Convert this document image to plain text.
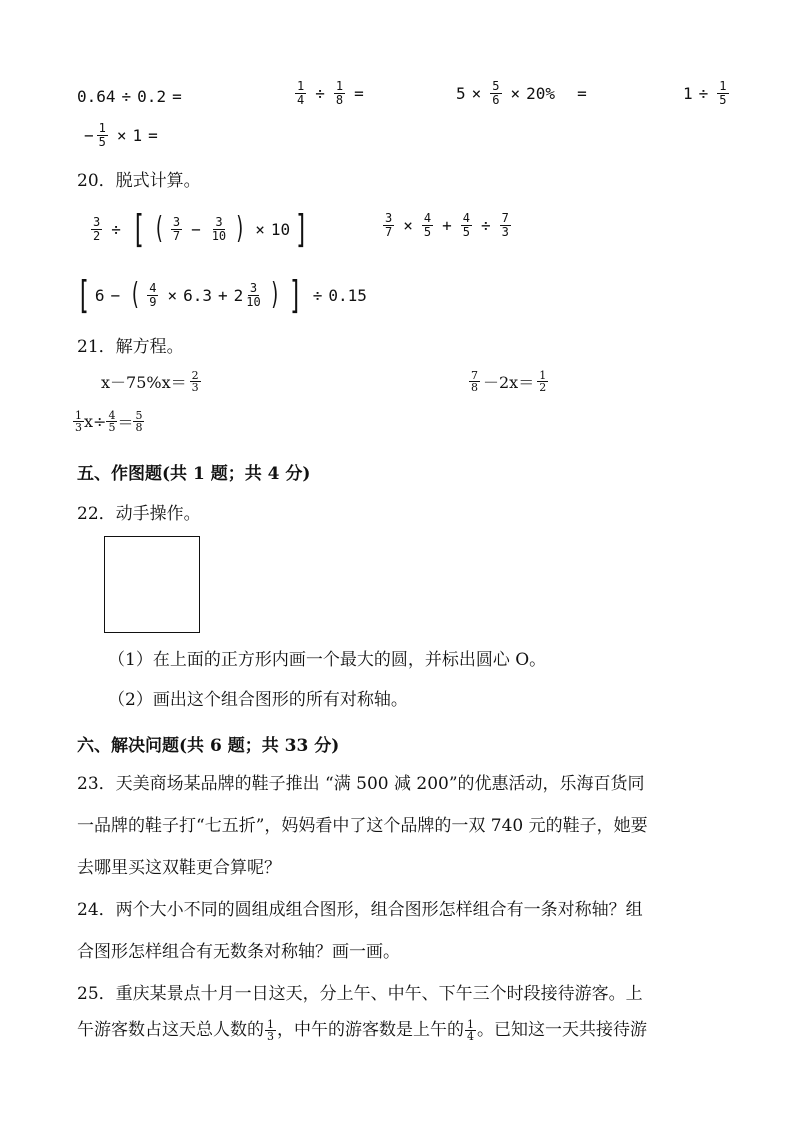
0.64 ÷ 0.2 =	$\frac{1}{4} \div \frac{1}{8}$ =	$5 \times \frac{5}{6} \times 20\%$ =	$1 \div \frac{1}{5}$
− $\frac{1}{5} \times 1$ =
20．脱式计算。
$\frac{3}{2}$ ÷ [ ( $\frac{3}{7} - \frac{3}{10}$ ) × 10 ]	$\frac{3}{7} \times \frac{4}{5} + \frac{4}{5} \div \frac{7}{3}$
[ 6 − ( $\frac{4}{9} \times 6.3 + 2 \frac{3}{10}$ ) ] ÷ 0.15
21．解方程。
$x-75\%x= \frac{2}{3}$	$\frac{7}{8} -2x= \frac{1}{2}$
$\frac{1}{3} x\div \frac{4}{5} = \frac{5}{8}$
五、作图题(共 1 题；共 4 分)
22．动手操作。
（1）在上面的正方形内画一个最大的圆，并标出圆心 O。
（2）画出这个组合图形的所有对称轴。
六、解决问题(共 6 题；共 33 分)
23．天美商场某品牌的鞋子推出 “满 500 减 200”的优惠活动，乐海百货同
一品牌的鞋子打“七五折”，妈妈看中了这个品牌的一双 740 元的鞋子，她要
去哪里买这双鞋更合算呢？
24．两个大小不同的圆组成组合图形，组合图形怎样组合有一条对称轴？组
合图形怎样组合有无数条对称轴？画一画。
25．重庆某景点十月一日这天，分上午、中午、下午三个时段接待游客。上
午游客数占这天总人数的 $\frac{1}{3}$ ，中午的游客数是上午的 $\frac{1}{4}$ 。已知这一天共接待游
